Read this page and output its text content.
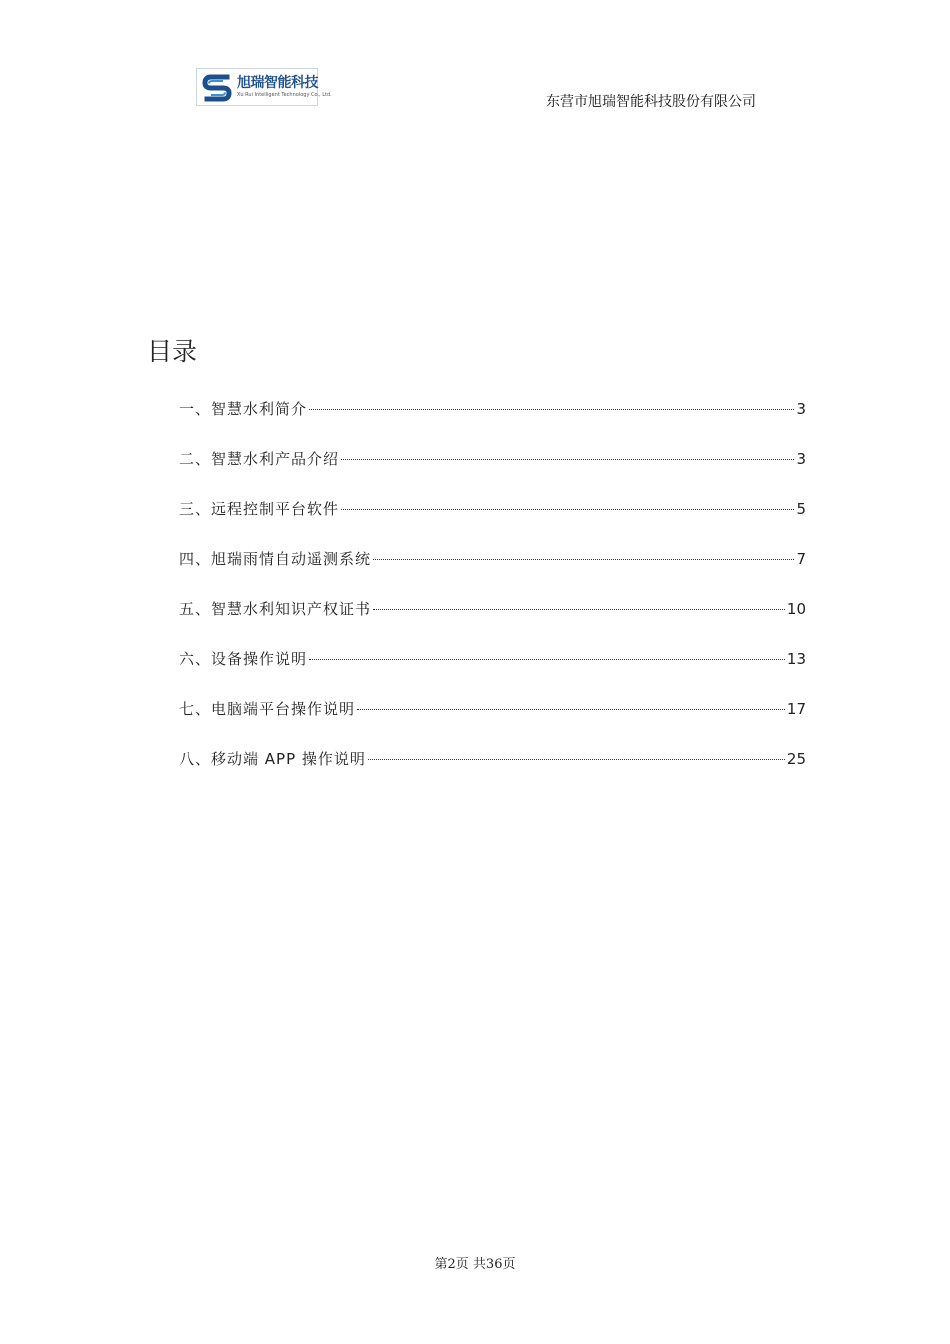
旭瑞智能科技
Xu Rui Intelligent Technology Co., Ltd.	东营市旭瑞智能科技股份有限公司
目录
一、智慧水利简介	3
二、智慧水利产品介绍	3
三、远程控制平台软件	5
四、旭瑞雨情自动遥测系统	7
五、智慧水利知识产权证书	10
六、设备操作说明	13
七、电脑端平台操作说明	17
八、移动端 APP 操作说明	25
第2页 共36页
